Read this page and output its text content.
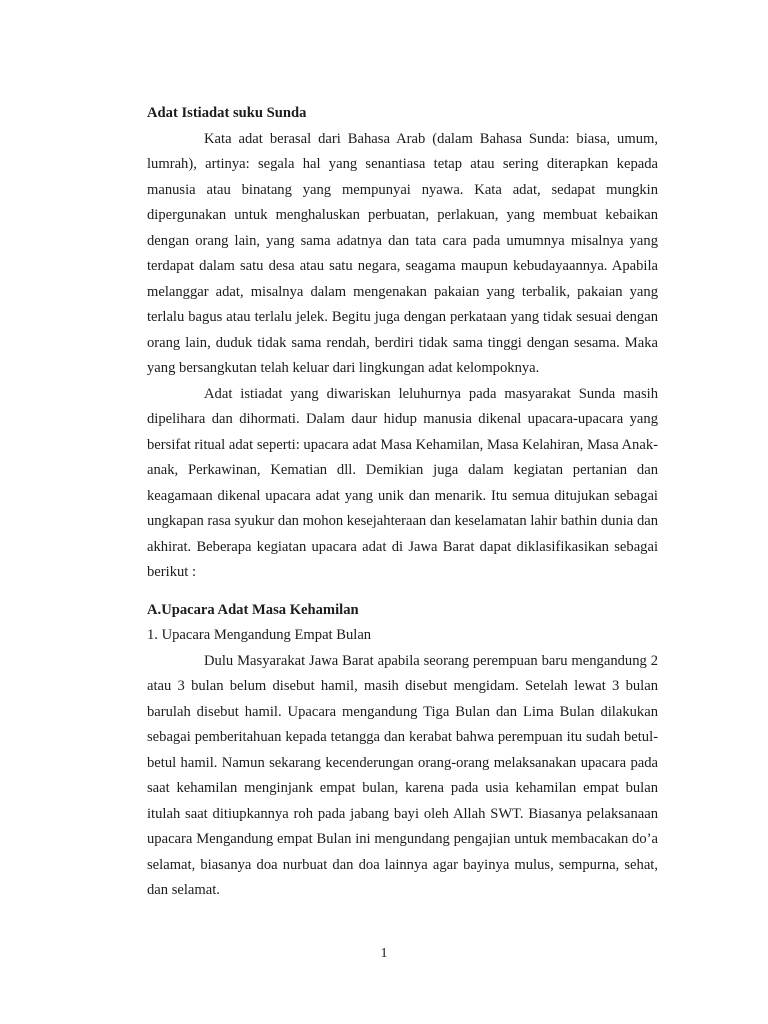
Adat Istiadat suku Sunda

Kata adat berasal dari Bahasa Arab (dalam Bahasa Sunda: biasa, umum, lumrah), artinya: segala hal yang senantiasa tetap atau sering diterapkan kepada manusia atau binatang yang mempunyai nyawa. Kata adat, sedapat mungkin dipergunakan untuk menghaluskan perbuatan, perlakuan, yang membuat kebaikan dengan orang lain, yang sama adatnya dan tata cara pada umumnya misalnya yang terdapat dalam satu desa atau satu negara, seagama maupun kebudayaannya. Apabila melanggar adat, misalnya dalam mengenakan pakaian yang terbalik, pakaian yang terlalu bagus atau terlalu jelek. Begitu juga dengan perkataan yang tidak sesuai dengan orang lain, duduk tidak sama rendah, berdiri tidak sama tinggi dengan sesama. Maka yang bersangkutan telah keluar dari lingkungan adat kelompoknya.

Adat istiadat yang diwariskan leluhurnya pada masyarakat Sunda masih dipelihara dan dihormati. Dalam daur hidup manusia dikenal upacara-upacara yang bersifat ritual adat seperti: upacara adat Masa Kehamilan, Masa Kelahiran, Masa Anak-anak, Perkawinan, Kematian dll. Demikian juga dalam kegiatan pertanian dan keagamaan dikenal upacara adat yang unik dan menarik. Itu semua ditujukan sebagai ungkapan rasa syukur dan mohon kesejahteraan dan keselamatan lahir bathin dunia dan akhirat. Beberapa kegiatan upacara adat di Jawa Barat dapat diklasifikasikan sebagai berikut :

A.Upacara Adat Masa Kehamilan
1. Upacara Mengandung Empat Bulan

Dulu Masyarakat Jawa Barat apabila seorang perempuan baru mengandung 2 atau 3 bulan belum disebut hamil, masih disebut mengidam. Setelah lewat 3 bulan barulah disebut hamil. Upacara mengandung Tiga Bulan dan Lima Bulan dilakukan sebagai pemberitahuan kepada tetangga dan kerabat bahwa perempuan itu sudah betul-betul hamil. Namun sekarang kecenderungan orang-orang melaksanakan upacara pada saat kehamilan menginjank empat bulan, karena pada usia kehamilan empat bulan itulah saat ditiupkannya roh pada jabang bayi oleh Allah SWT. Biasanya pelaksanaan upacara Mengandung empat Bulan ini mengundang pengajian untuk membacakan do’a selamat, biasanya doa nurbuat dan doa lainnya agar bayinya mulus, sempurna, sehat, dan selamat.

1
